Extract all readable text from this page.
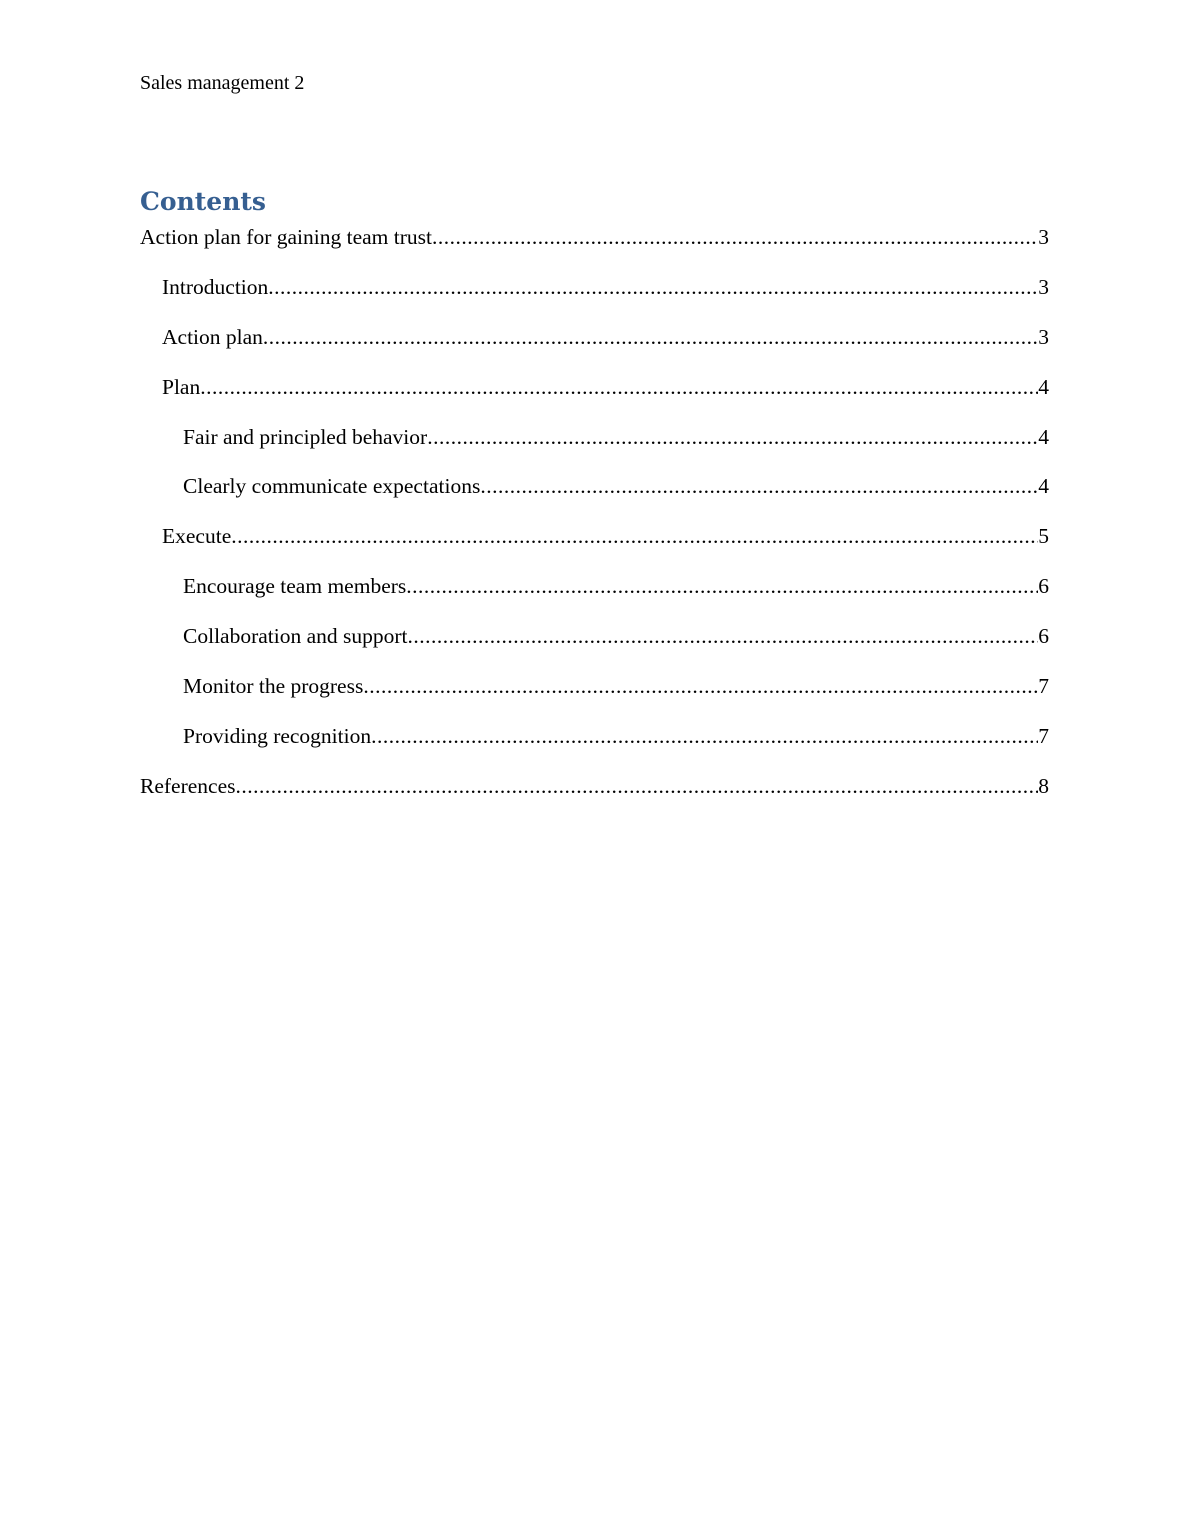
Sales management 2
Contents
Action plan for gaining team trust .....	3
Introduction .....	3
Action plan .....	3
Plan .....	4
Fair and principled behavior .....	4
Clearly communicate expectations .....	4
Execute .....	5
Encourage team members .....	6
Collaboration and support .....	6
Monitor the progress .....	7
Providing recognition .....	7
References .....	8
